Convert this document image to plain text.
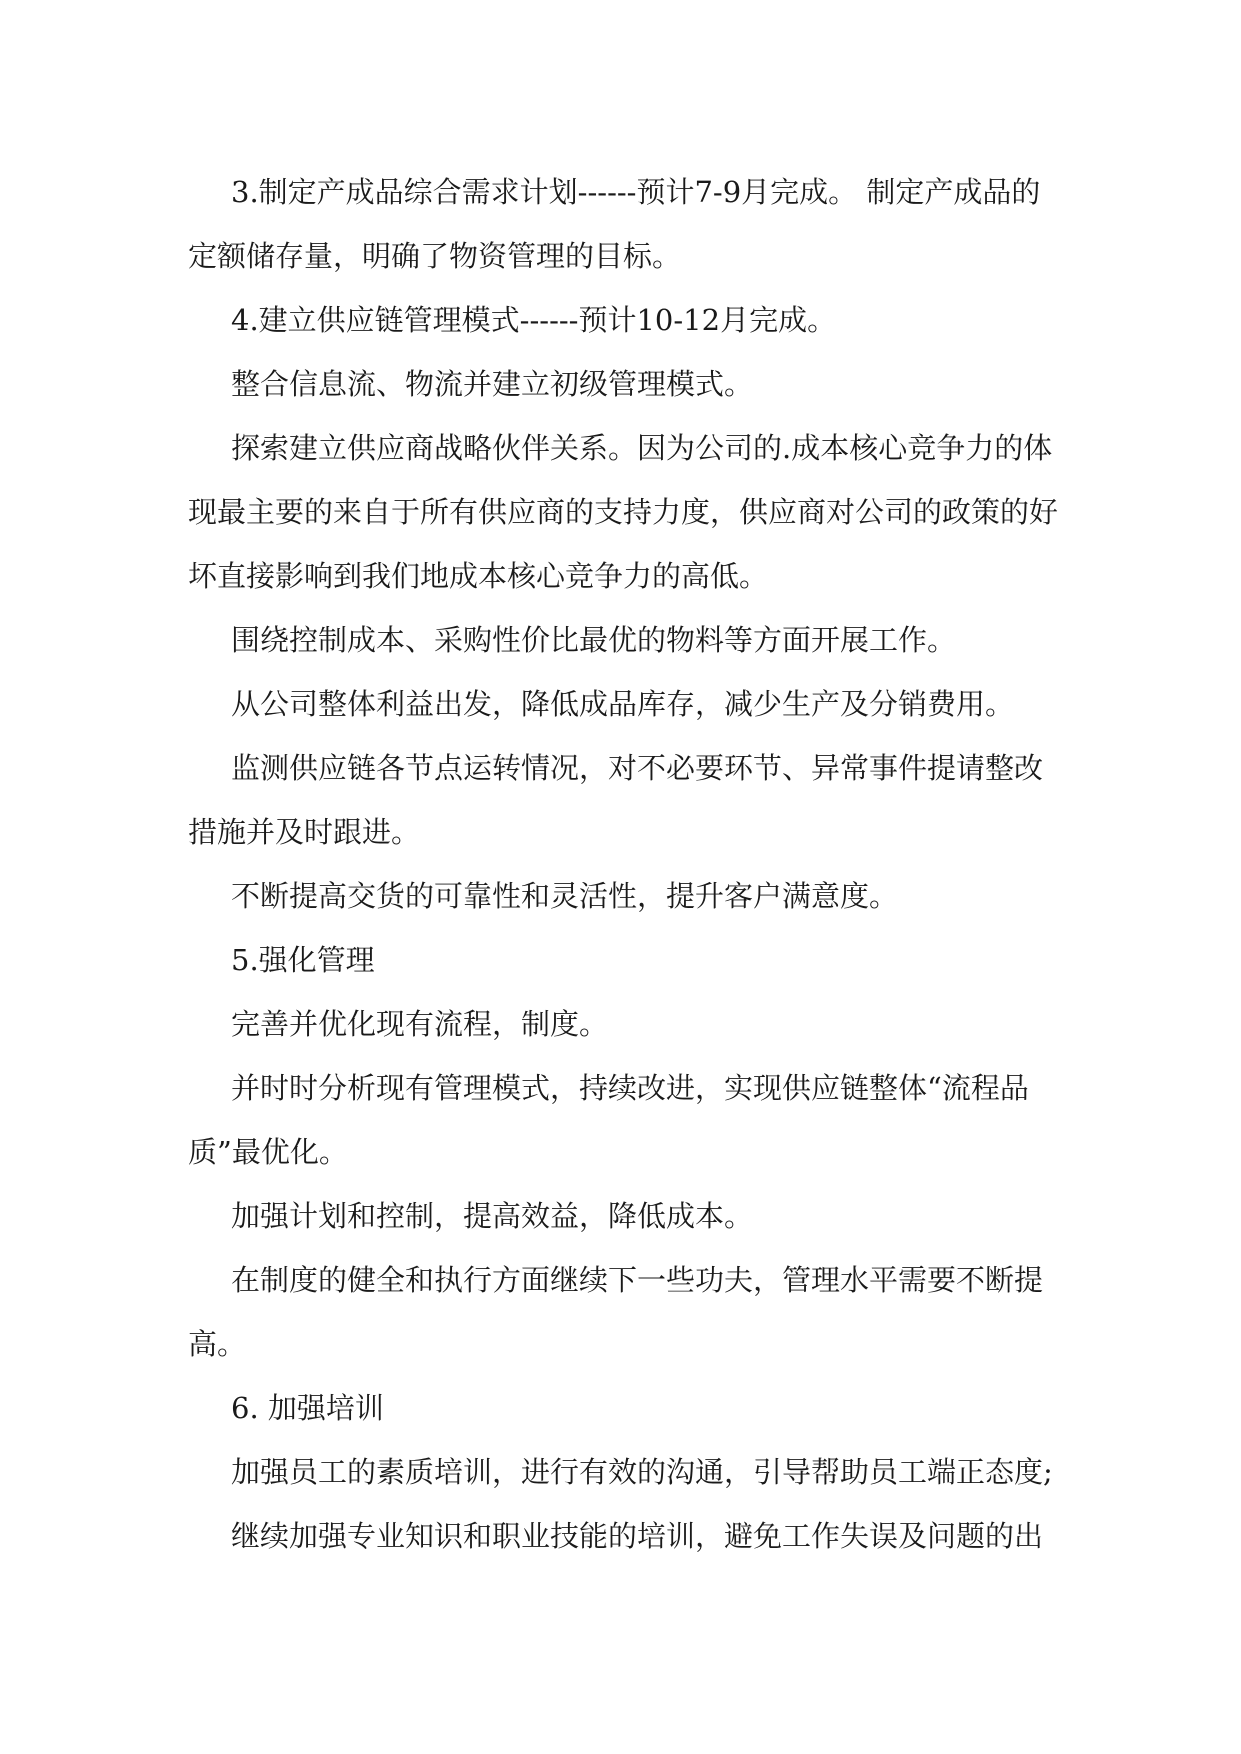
3.制定产成品综合需求计划------预计7-9月完成。 制定产成品的定额储存量，明确了物资管理的目标。

4.建立供应链管理模式------预计10-12月完成。

整合信息流、物流并建立初级管理模式。

探索建立供应商战略伙伴关系。因为公司的.成本核心竞争力的体现最主要的来自于所有供应商的支持力度，供应商对公司的政策的好坏直接影响到我们地成本核心竞争力的高低。

围绕控制成本、采购性价比最优的物料等方面开展工作。

从公司整体利益出发，降低成品库存，减少生产及分销费用。

监测供应链各节点运转情况，对不必要环节、异常事件提请整改措施并及时跟进。

不断提高交货的可靠性和灵活性，提升客户满意度。

5.强化管理

完善并优化现有流程，制度。

并时时分析现有管理模式，持续改进，实现供应链整体“流程品质”最优化。

加强计划和控制，提高效益，降低成本。

在制度的健全和执行方面继续下一些功夫，管理水平需要不断提高。

6. 加强培训

加强员工的素质培训，进行有效的沟通，引导帮助员工端正态度;

继续加强专业知识和职业技能的培训，避免工作失误及问题的出
